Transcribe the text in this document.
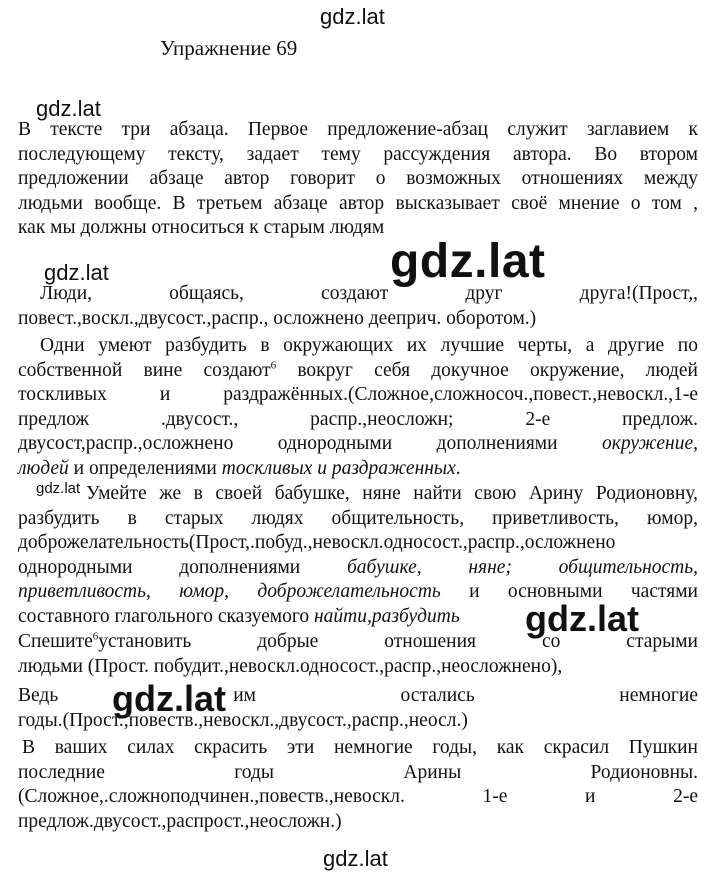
gdz.lat
gdz.lat
gdz.lat	gdz.lat
gdz.lat
gdz.lat
gdz.lat
gdz.lat
Упражнение 69
В тексте три абзаца. Первое предложение-абзац служит заглавием к
последующему тексту, задает тему рассуждения автора. Во втором
предложении абзаце автор говорит о возможных отношениях между
людьми вообще. В третьем абзаце автор высказывает своё мнение о том ,
как мы должны относиться к старым людям
Люди, общаясь, создают друг друга!(Прост,,
повест.,воскл.,двусост.,распр., осложнено дееприч. оборотом.)
Одни умеют разбудить в окружающих их лучшие черты, а другие по
собственной вине создают$^6$ вокруг себя докучное окружение, людей
тоскливых и раздражённых.(Сложное,сложносоч.,повест.,невоскл.,1-е
предлож .двусост., распр.,неосложн; 2-е предлож.
двусост,распр.,осложнено однородными дополнениями окружение,
людей и определениями тоскливых и раздраженных.
Умейте же в своей бабушке, няне найти свою Арину Родионовну,
разбудить в старых людях общительность, приветливость, юмор,
доброжелательность(Прост,.побуд.,невоскл.односост.,распр.,осложнено
однородными дополнениями бабушке, няне; общительность,
приветливость, юмор, доброжелательность и основными частями
составного глагольного сказуемого найти,разбудить
Спешите$^6$установить добрые отношения со старыми
людьми (Прост. побудит.,невоскл.односост.,распр.,неосложнено),
Ведь	им остались немногие
годы.(Прост.,повеств.,невоскл.,двусост.,распр.,неосл.)
В ваших силах скрасить эти немногие годы, как скрасил Пушкин
последние годы Арины Родионовны.
(Сложное,.сложноподчинен.,повеств.,невоскл. 1-е и 2-е
предлож.двусост.,распрост.,неосложн.)
